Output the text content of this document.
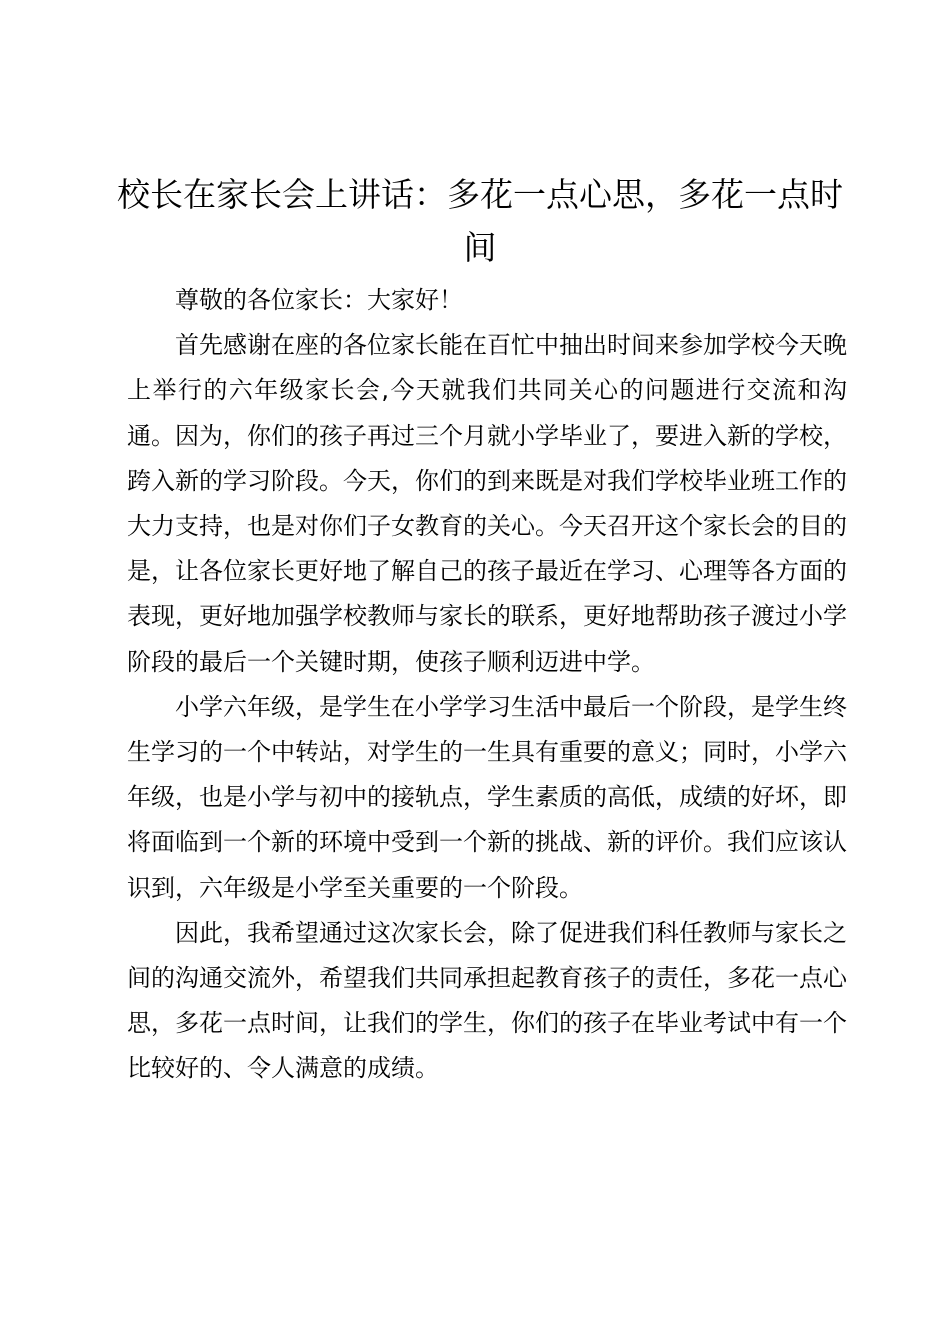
校长在家长会上讲话：多花一点心思，多花一点时间

尊敬的各位家长：大家好！

首先感谢在座的各位家长能在百忙中抽出时间来参加学校今天晚上举行的六年级家长会,今天就我们共同关心的问题进行交流和沟通。因为，你们的孩子再过三个月就小学毕业了，要进入新的学校，跨入新的学习阶段。今天，你们的到来既是对我们学校毕业班工作的大力支持，也是对你们子女教育的关心。今天召开这个家长会的目的是，让各位家长更好地了解自己的孩子最近在学习、心理等各方面的表现，更好地加强学校教师与家长的联系，更好地帮助孩子渡过小学阶段的最后一个关键时期，使孩子顺利迈进中学。

小学六年级，是学生在小学学习生活中最后一个阶段，是学生终生学习的一个中转站，对学生的一生具有重要的意义；同时，小学六年级，也是小学与初中的接轨点，学生素质的高低，成绩的好坏，即将面临到一个新的环境中受到一个新的挑战、新的评价。我们应该认识到，六年级是小学至关重要的一个阶段。

因此，我希望通过这次家长会，除了促进我们科任教师与家长之间的沟通交流外，希望我们共同承担起教育孩子的责任，多花一点心思，多花一点时间，让我们的学生，你们的孩子在毕业考试中有一个比较好的、令人满意的成绩。
